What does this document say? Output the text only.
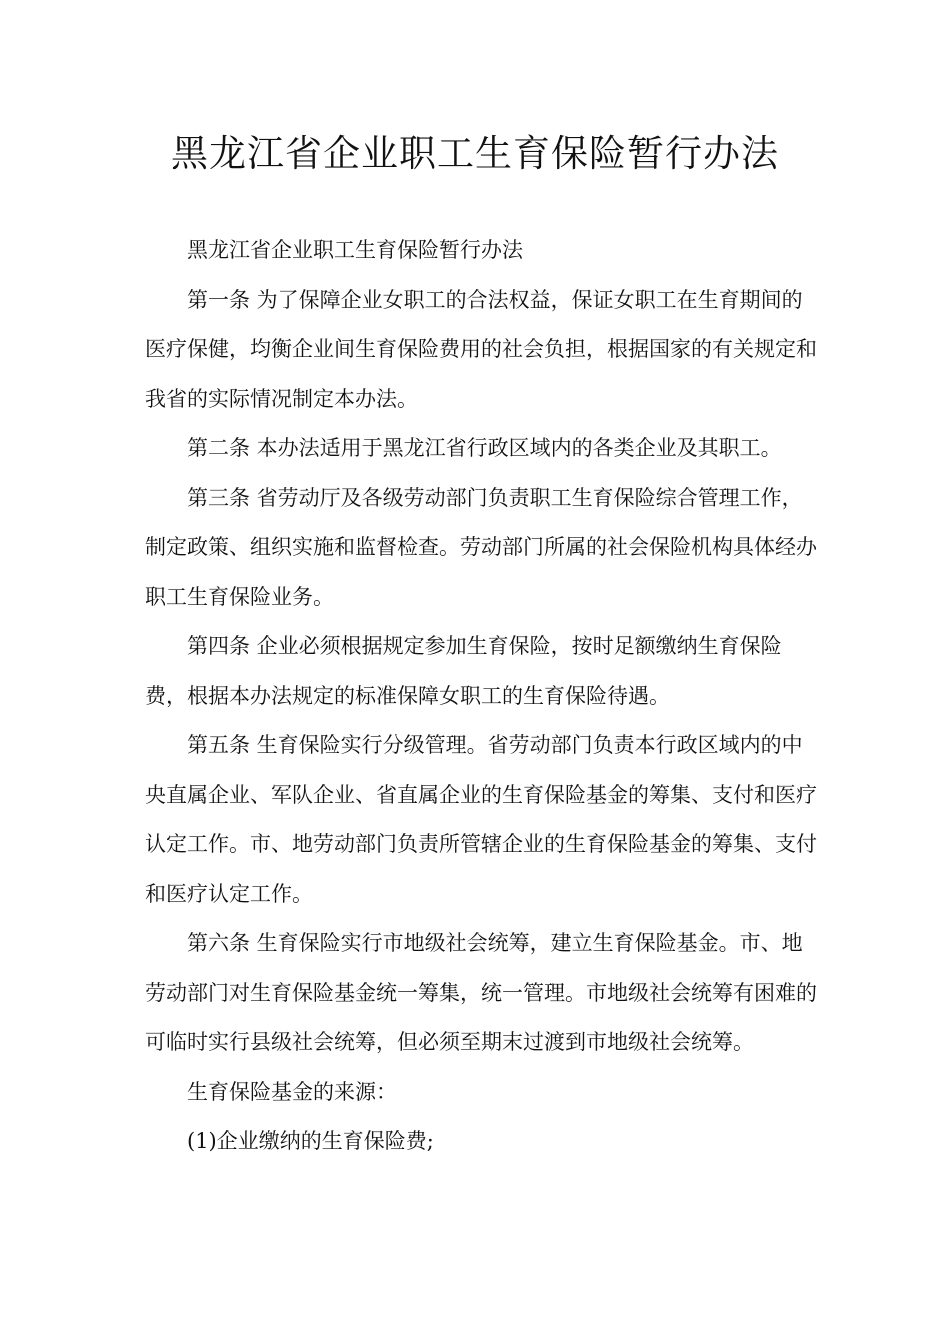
黑龙江省企业职工生育保险暂行办法

黑龙江省企业职工生育保险暂行办法

第一条 为了保障企业女职工的合法权益，保证女职工在生育期间的医疗保健，均衡企业间生育保险费用的社会负担，根据国家的有关规定和我省的实际情况制定本办法。

第二条 本办法适用于黑龙江省行政区域内的各类企业及其职工。

第三条 省劳动厅及各级劳动部门负责职工生育保险综合管理工作，制定政策、组织实施和监督检查。劳动部门所属的社会保险机构具体经办职工生育保险业务。

第四条 企业必须根据规定参加生育保险，按时足额缴纳生育保险费，根据本办法规定的标准保障女职工的生育保险待遇。

第五条 生育保险实行分级管理。省劳动部门负责本行政区域内的中央直属企业、军队企业、省直属企业的生育保险基金的筹集、支付和医疗认定工作。市、地劳动部门负责所管辖企业的生育保险基金的筹集、支付和医疗认定工作。

第六条 生育保险实行市地级社会统筹，建立生育保险基金。市、地劳动部门对生育保险基金统一筹集，统一管理。市地级社会统筹有困难的可临时实行县级社会统筹，但必须至期末过渡到市地级社会统筹。

生育保险基金的来源：

(1)企业缴纳的生育保险费;
